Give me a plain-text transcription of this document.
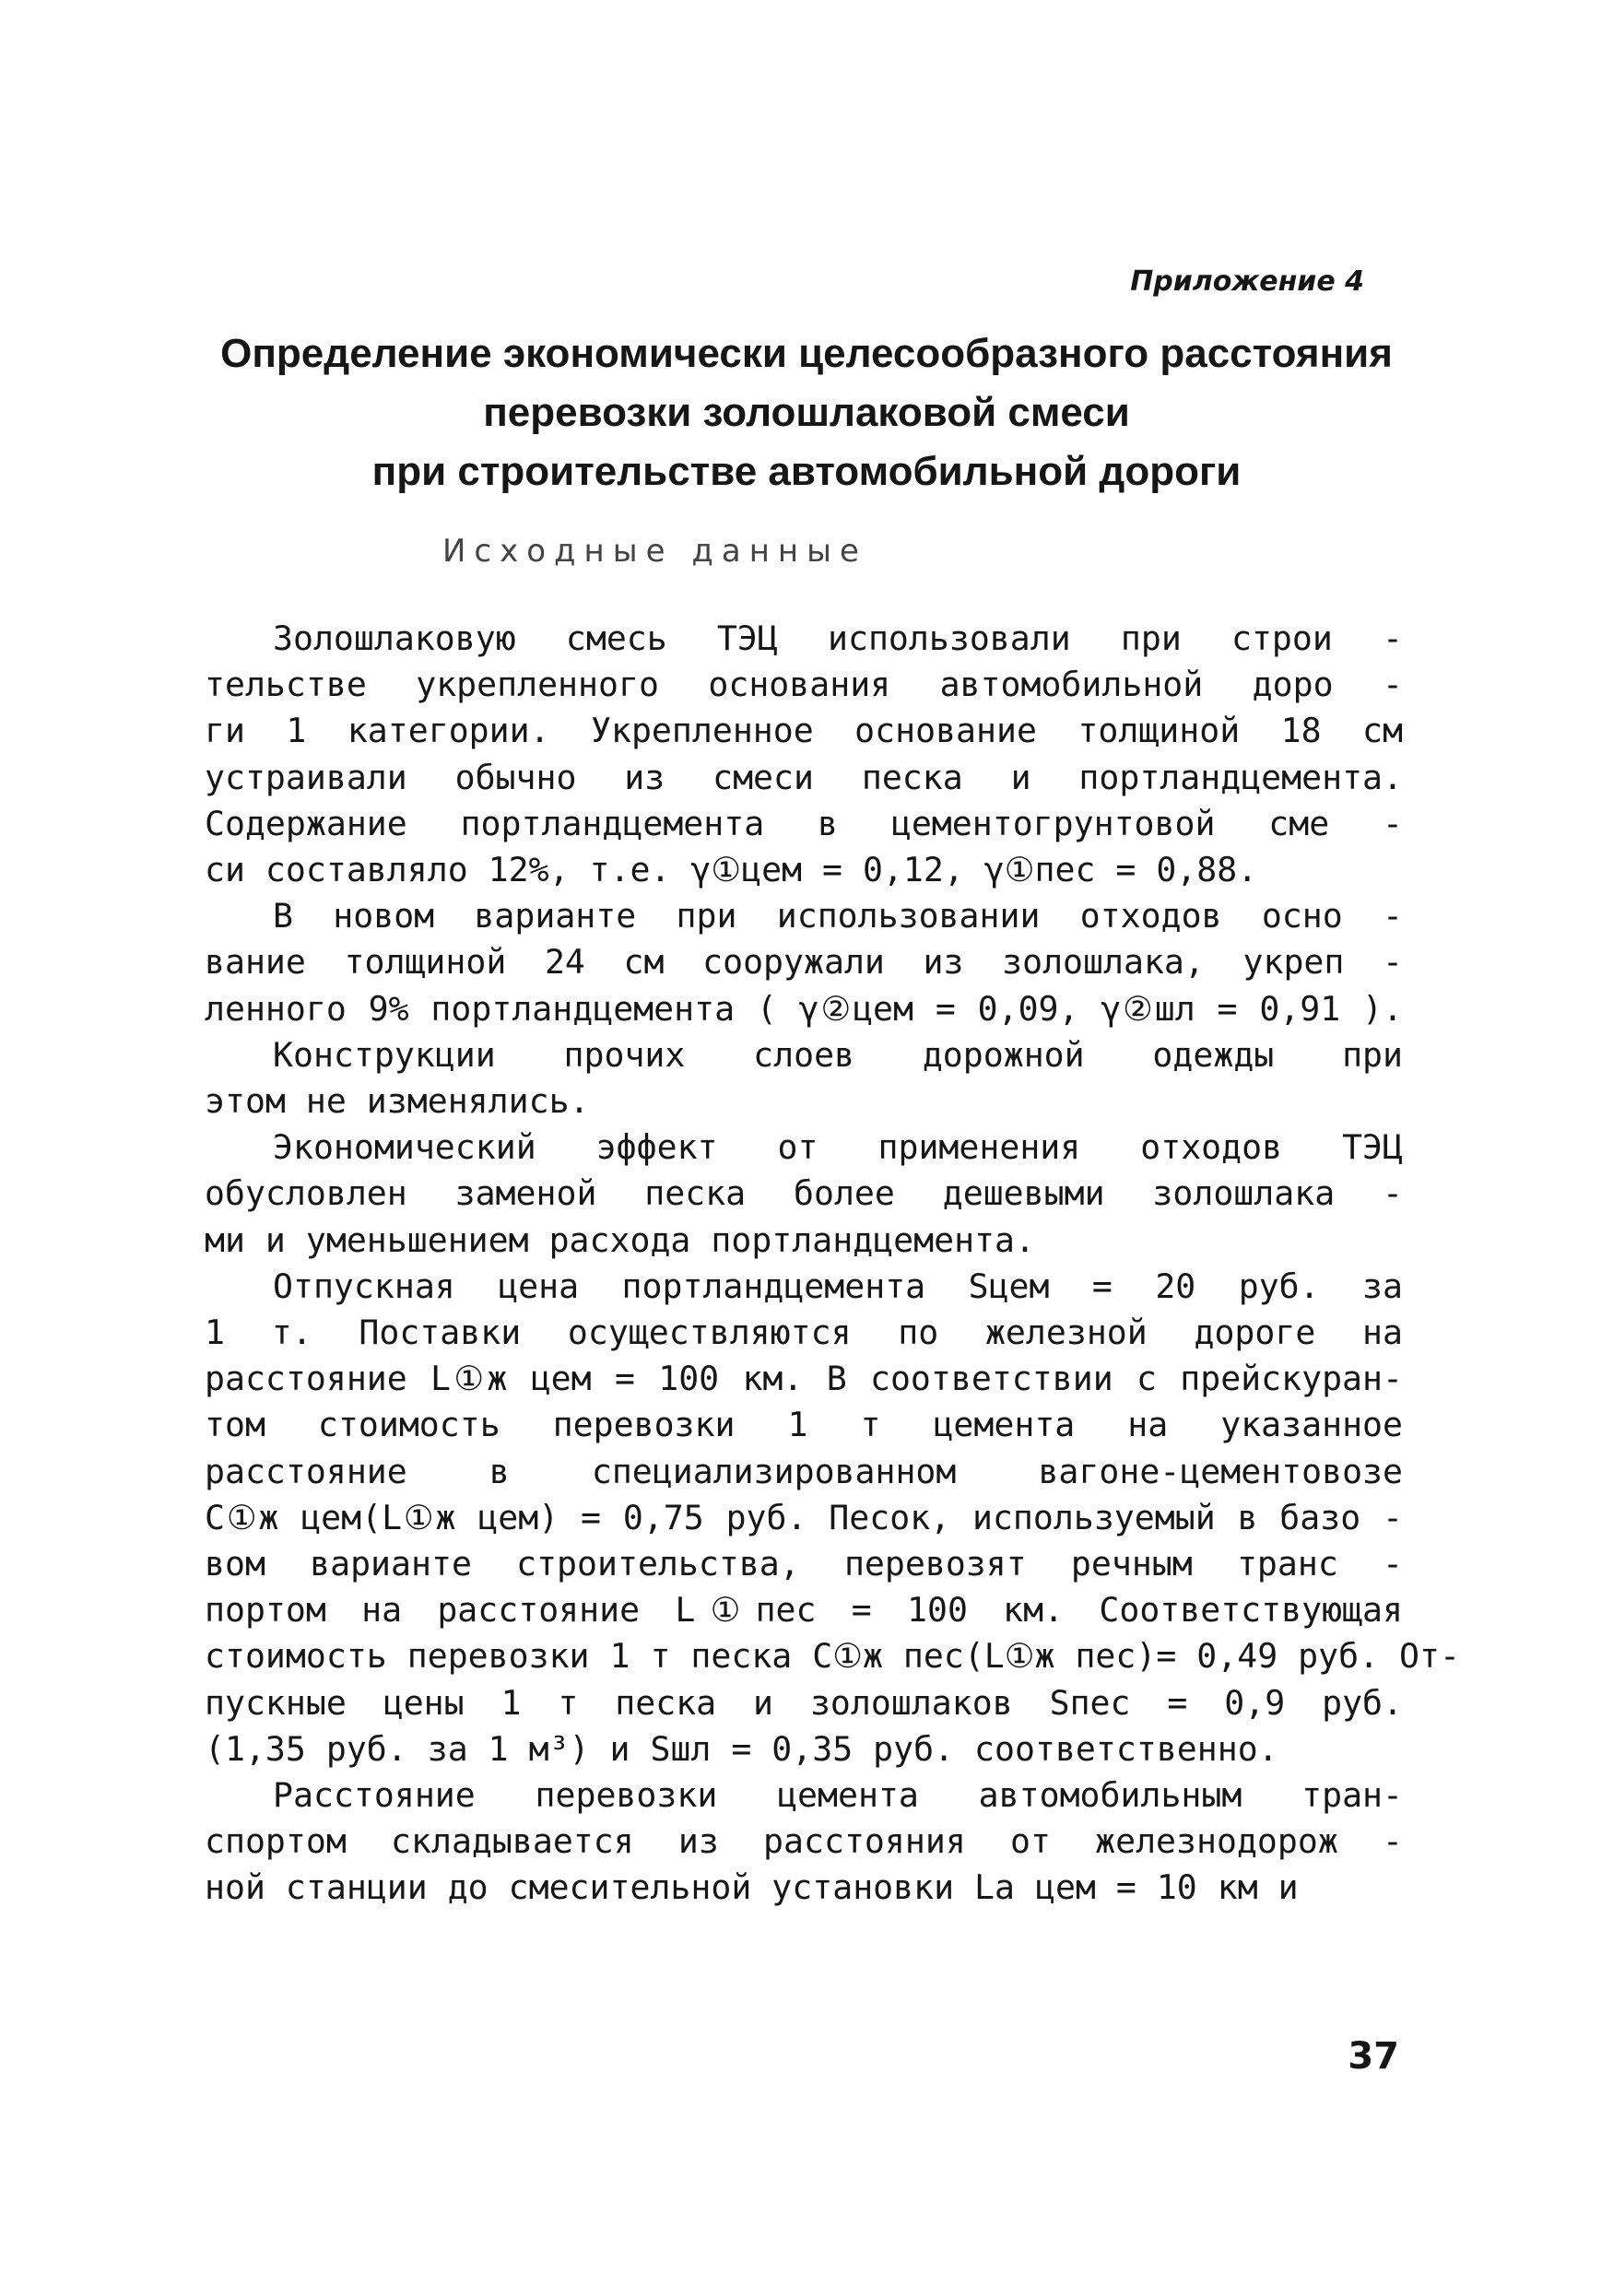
Приложение 4
Определение экономически целесообразного расстояния
перевозки золошлаковой смеси
при строительстве автомобильной дороги
Исходные данные

Золошлаковую смесь ТЭЦ использовали при строи -

тельстве укрепленного основания автомобильной доро -

ги 1 категории. Укрепленное основание толщиной 18 см

устраивали обычно из смеси песка и портландцемента.

Содержание портландцемента в цементогрунтовой сме -

си составляло 12%, т.е. γ①цем = 0,12, γ①пес = 0,88.

В новом варианте при использовании отходов осно -

вание толщиной 24 см сооружали из золошлака, укреп -

ленного 9% портландцемента ( γ②цем = 0,09, γ②шл = 0,91 ).

Конструкции прочих слоев дорожной одежды при

этом не изменялись.

Экономический эффект от применения отходов ТЭЦ

обусловлен заменой песка более дешевыми золошлака -

ми и уменьшением расхода портландцемента.

Отпускная цена портландцемента Sцем = 20 руб. за

1 т. Поставки осуществляются по железной дороге на

расстояние L①ж цем = 100 км. В соответствии с прейскуран-

том стоимость перевозки 1 т цемента на указанное

расстояние в специализированном вагоне-цементовозе

C①ж цем(L①ж цем) = 0,75 руб. Песок, используемый в базо -

вом варианте строительства, перевозят речным транс -

портом на расстояние L①пес = 100 км. Соответствующая

стоимость перевозки 1 т песка C①ж пес(L①ж пес)= 0,49 руб. От-

пускные цены 1 т песка и золошлаков Sпес = 0,9 руб.

(1,35 руб. за 1 м³) и Sшл = 0,35 руб. соответственно.

Расстояние перевозки цемента автомобильным тран-

спортом складывается из расстояния от железнодорож -

ной станции до смесительной установки Lа цем = 10 км и

37
